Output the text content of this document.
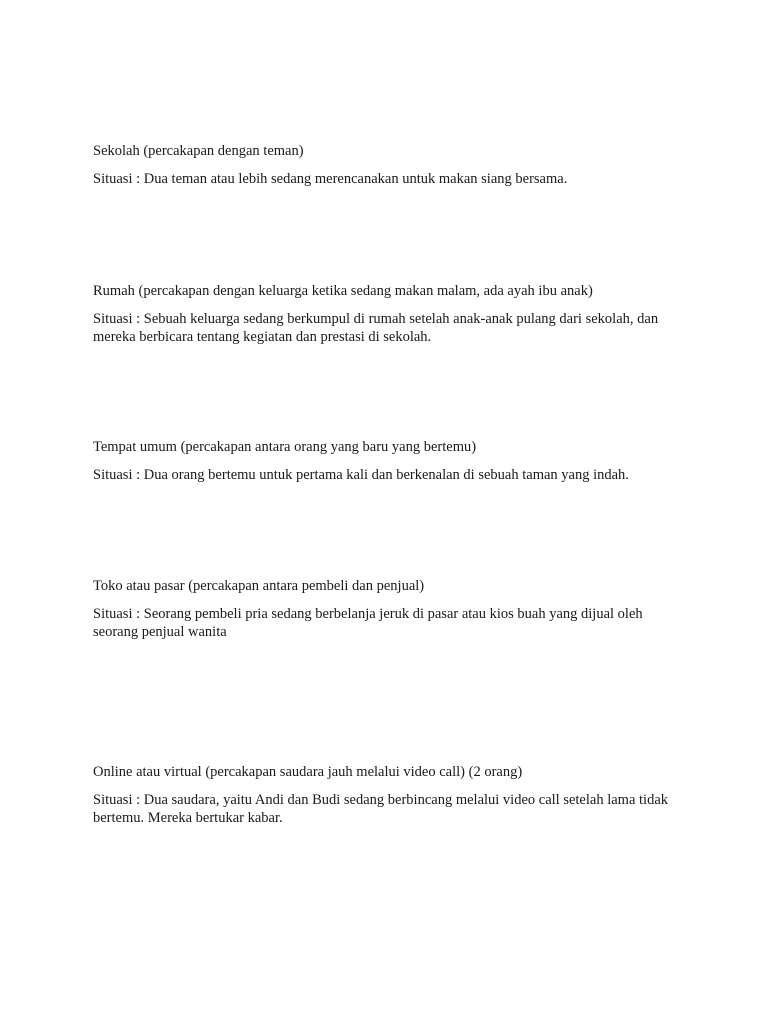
Sekolah (percakapan dengan teman)

Situasi : Dua teman atau lebih sedang merencanakan untuk makan siang bersama.

Rumah (percakapan dengan keluarga ketika sedang makan malam, ada ayah ibu anak)

Situasi : Sebuah keluarga sedang berkumpul di rumah setelah anak-anak pulang dari sekolah, dan mereka berbicara tentang kegiatan dan prestasi di sekolah.

Tempat umum (percakapan antara orang yang baru yang bertemu)

Situasi : Dua orang bertemu untuk pertama kali dan berkenalan di sebuah taman yang indah.

Toko atau pasar (percakapan antara pembeli dan penjual)

Situasi : Seorang pembeli pria sedang berbelanja jeruk di pasar atau kios buah yang dijual oleh seorang penjual wanita

Online atau virtual (percakapan saudara jauh melalui video call) (2 orang)

Situasi : Dua saudara, yaitu Andi dan Budi sedang berbincang melalui video call setelah lama tidak bertemu. Mereka bertukar kabar.
